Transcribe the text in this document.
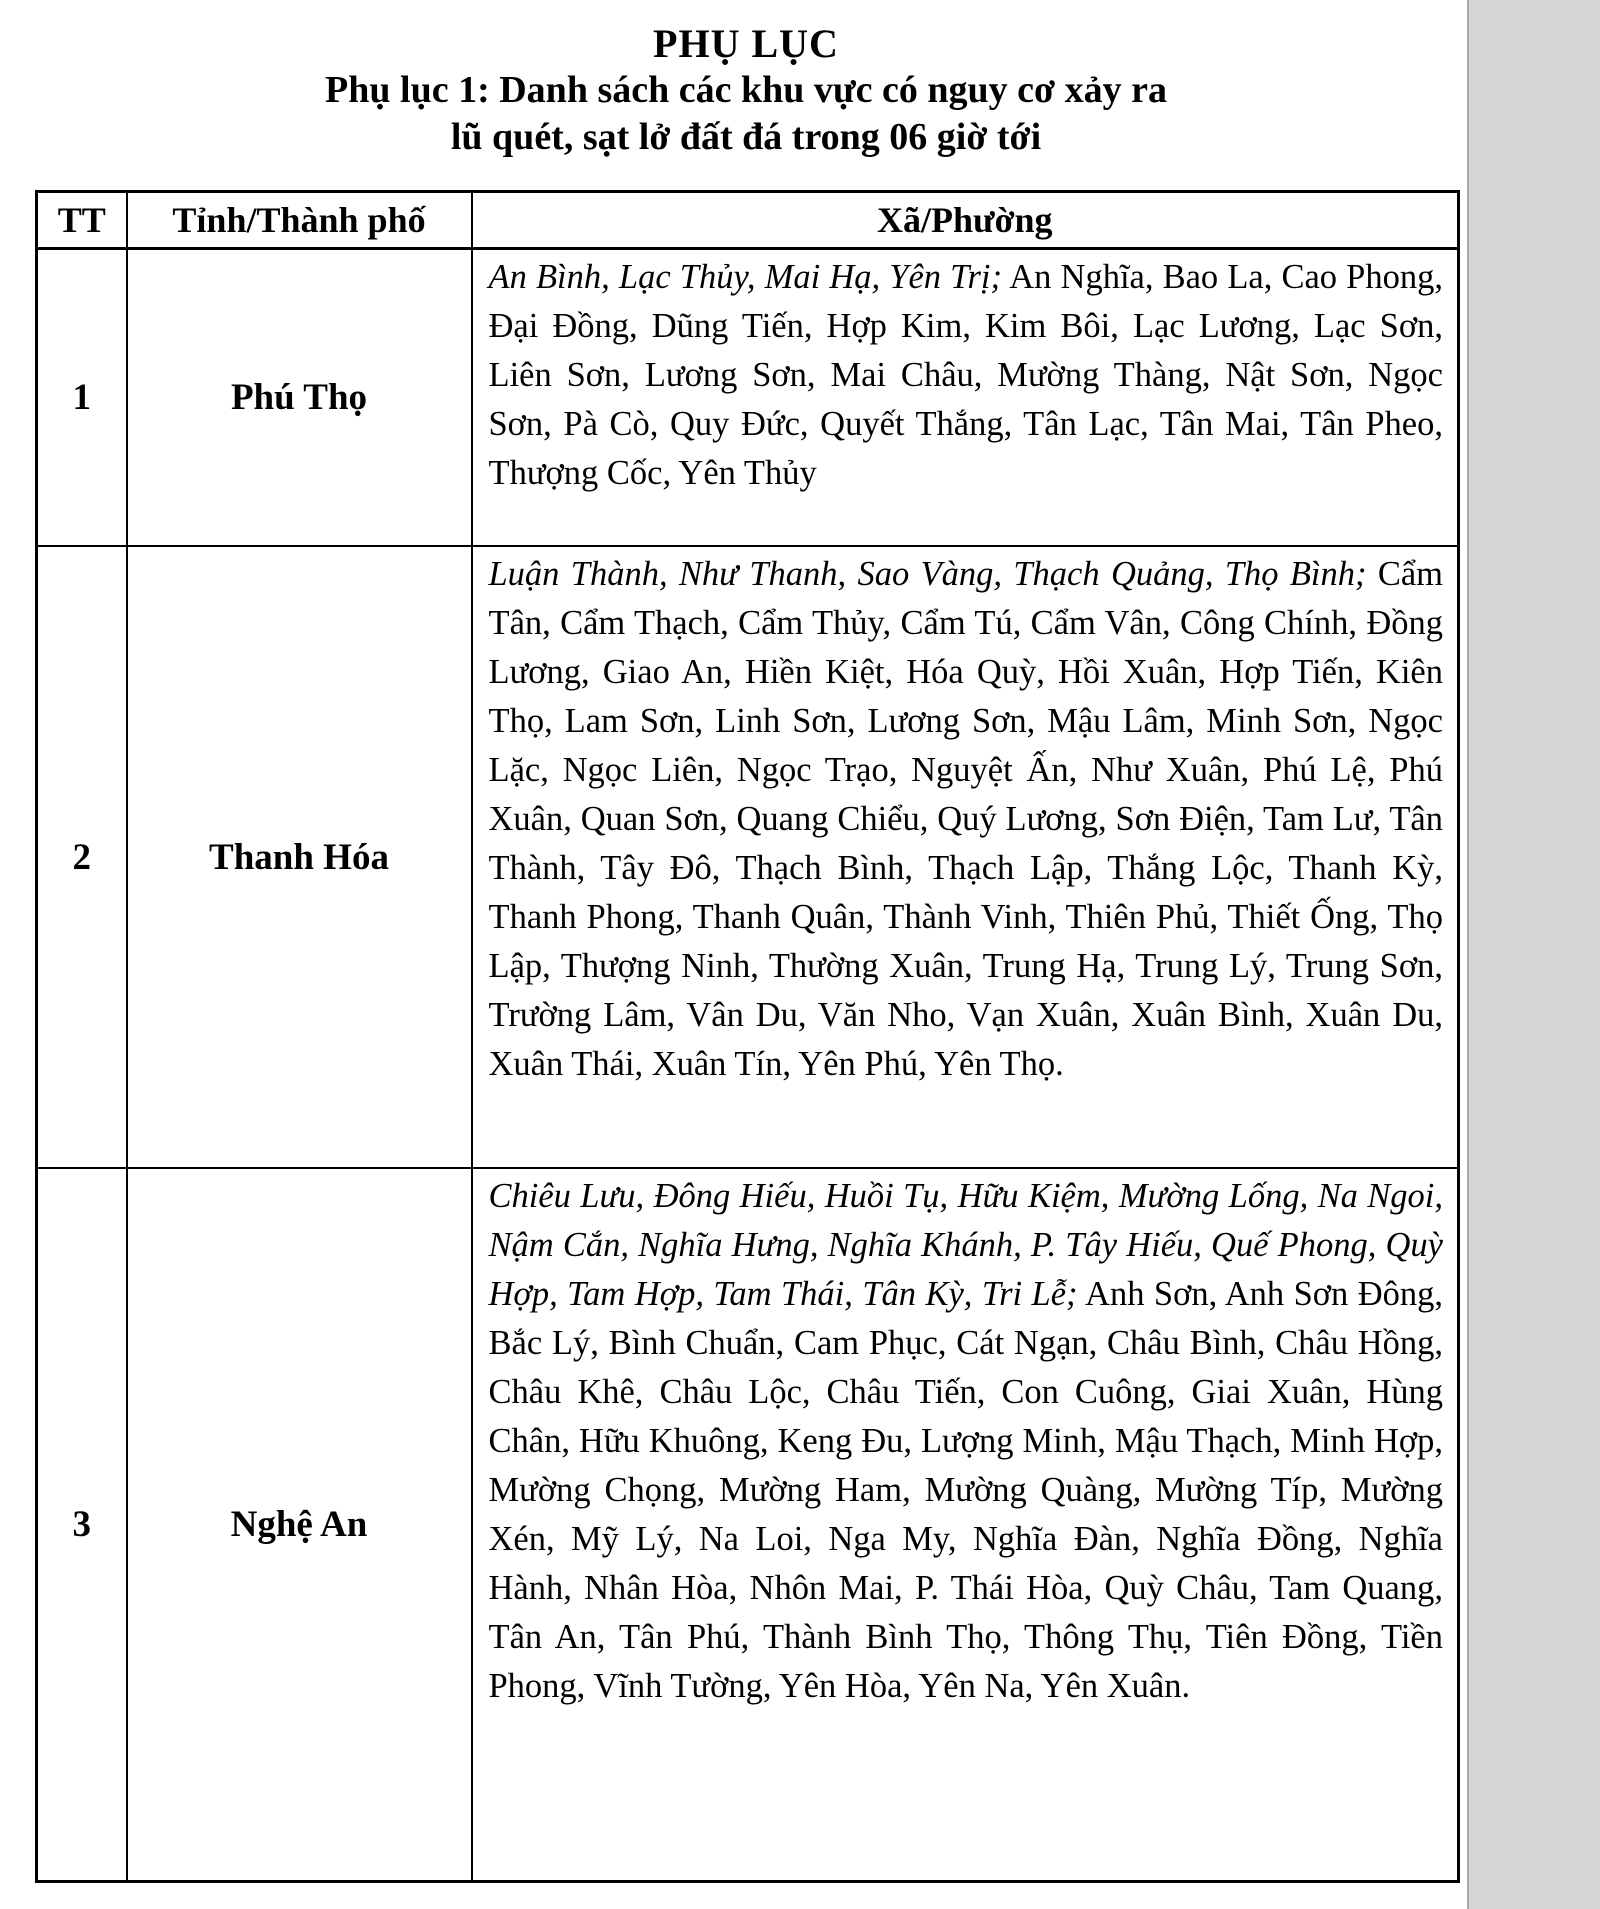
PHỤ LỤC
Phụ lục 1: Danh sách các khu vực có nguy cơ xảy ra
lũ quét, sạt lở đất đá trong 06 giờ tới
TT	Tỉnh/Thành phố	Xã/Phường
1	Phú Thọ	An Bình, Lạc Thủy, Mai Hạ, Yên Trị; An Nghĩa, Bao La, Cao Phong, Đại Đồng, Dũng Tiến, Hợp Kim, Kim Bôi, Lạc Lương, Lạc Sơn, Liên Sơn, Lương Sơn, Mai Châu, Mường Thàng, Nật Sơn, Ngọc Sơn, Pà Cò, Quy Đức, Quyết Thắng, Tân Lạc, Tân Mai, Tân Pheo, Thượng Cốc, Yên Thủy
2	Thanh Hóa	Luận Thành, Như Thanh, Sao Vàng, Thạch Quảng, Thọ Bình; Cẩm Tân, Cẩm Thạch, Cẩm Thủy, Cẩm Tú, Cẩm Vân, Công Chính, Đồng Lương, Giao An, Hiền Kiệt, Hóa Quỳ, Hồi Xuân, Hợp Tiến, Kiên Thọ, Lam Sơn, Linh Sơn, Lương Sơn, Mậu Lâm, Minh Sơn, Ngọc Lặc, Ngọc Liên, Ngọc Trạo, Nguyệt Ấn, Như Xuân, Phú Lệ, Phú Xuân, Quan Sơn, Quang Chiểu, Quý Lương, Sơn Điện, Tam Lư, Tân Thành, Tây Đô, Thạch Bình, Thạch Lập, Thắng Lộc, Thanh Kỳ, Thanh Phong, Thanh Quân, Thành Vinh, Thiên Phủ, Thiết Ống, Thọ Lập, Thượng Ninh, Thường Xuân, Trung Hạ, Trung Lý, Trung Sơn, Trường Lâm, Vân Du, Văn Nho, Vạn Xuân, Xuân Bình, Xuân Du, Xuân Thái, Xuân Tín, Yên Phú, Yên Thọ.
3	Nghệ An	Chiêu Lưu, Đông Hiếu, Huồi Tụ, Hữu Kiệm, Mường Lống, Na Ngoi, Nậm Cắn, Nghĩa Hưng, Nghĩa Khánh, P. Tây Hiếu, Quế Phong, Quỳ Hợp, Tam Hợp, Tam Thái, Tân Kỳ, Tri Lễ; Anh Sơn, Anh Sơn Đông, Bắc Lý, Bình Chuẩn, Cam Phục, Cát Ngạn, Châu Bình, Châu Hồng, Châu Khê, Châu Lộc, Châu Tiến, Con Cuông, Giai Xuân, Hùng Chân, Hữu Khuông, Keng Đu, Lượng Minh, Mậu Thạch, Minh Hợp, Mường Chọng, Mường Ham, Mường Quàng, Mường Típ, Mường Xén, Mỹ Lý, Na Loi, Nga My, Nghĩa Đàn, Nghĩa Đồng, Nghĩa Hành, Nhân Hòa, Nhôn Mai, P. Thái Hòa, Quỳ Châu, Tam Quang, Tân An, Tân Phú, Thành Bình Thọ, Thông Thụ, Tiên Đồng, Tiền Phong, Vĩnh Tường, Yên Hòa, Yên Na, Yên Xuân.
